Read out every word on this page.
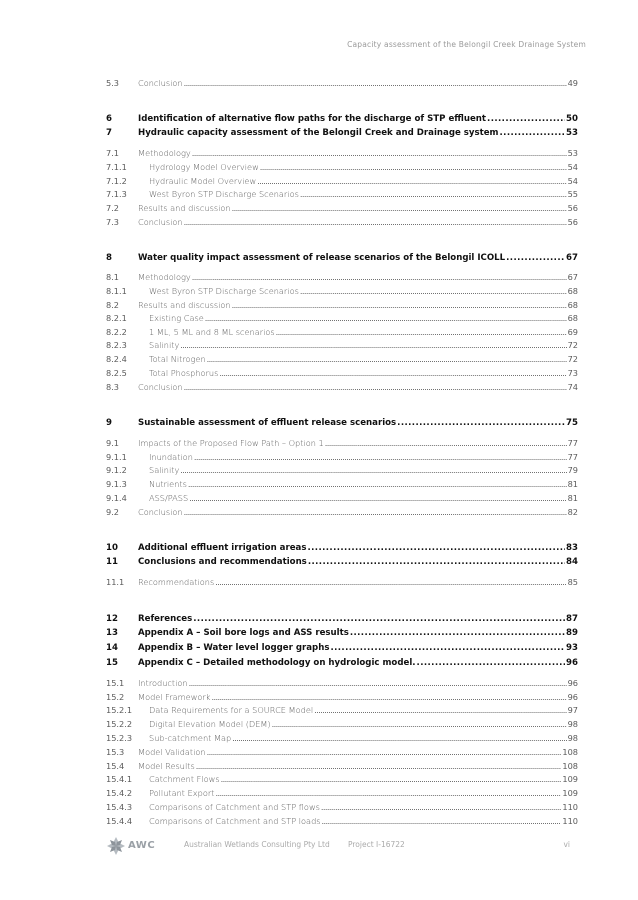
Capacity assessment of the Belongil Creek Drainage System
5.3	Conclusion . . .	49
6	Identification of alternative flow paths for the discharge of STP effluent . . .	50
7	Hydraulic capacity assessment of the Belongil Creek and Drainage system . . .	53
7.1	Methodology . . .	53
7.1.1	Hydrology Model Overview . . .	54
7.1.2	Hydraulic Model Overview . . .	54
7.1.3	West Byron STP Discharge Scenarios . . .	55
7.2	Results and discussion . . .	56
7.3	Conclusion . . .	56
8	Water quality impact assessment of release scenarios of the Belongil ICOLL . . .	67
8.1	Methodology . . .	67
8.1.1	West Byron STP Discharge Scenarios . . .	68
8.2	Results and discussion . . .	68
8.2.1	Existing Case . . .	68
8.2.2	1 ML, 5 ML and 8 ML scenarios . . .	69
8.2.3	Salinity . . .	72
8.2.4	Total Nitrogen . . .	72
8.2.5	Total Phosphorus . . .	73
8.3	Conclusion . . .	74
9	Sustainable assessment of effluent release scenarios . . .	75
9.1	Impacts of the Proposed Flow Path – Option 1 . . .	77
9.1.1	Inundation . . .	77
9.1.2	Salinity . . .	79
9.1.3	Nutrients . . .	81
9.1.4	ASS/PASS . . .	81
9.2	Conclusion . . .	82
10	Additional effluent irrigation areas . . .	83
11	Conclusions and recommendations . . .	84
11.1	Recommendations . . .	85
12	References . . .	87
13	Appendix A – Soil bore logs and ASS results . . .	89
14	Appendix B – Water level logger graphs . . .	93
15	Appendix C – Detailed methodology on hydrologic model. . . .	96
15.1	Introduction . . .	96
15.2	Model Framework . . .	96
15.2.1	Data Requirements for a SOURCE Model . . .	97
15.2.2	Digital Elevation Model (DEM) . . .	98
15.2.3	Sub-catchment Map . . .	98
15.3	Model Validation . . .	108
15.4	Model Results . . .	108
15.4.1	Catchment Flows . . .	109
15.4.2	Pollutant Export . . .	109
15.4.3	Comparisons of Catchment and STP flows . . .	110
15.4.4	Comparisons of Catchment and STP loads . . .	110
AWC	Australian Wetlands Consulting Pty Ltd Project I-16722	vi
